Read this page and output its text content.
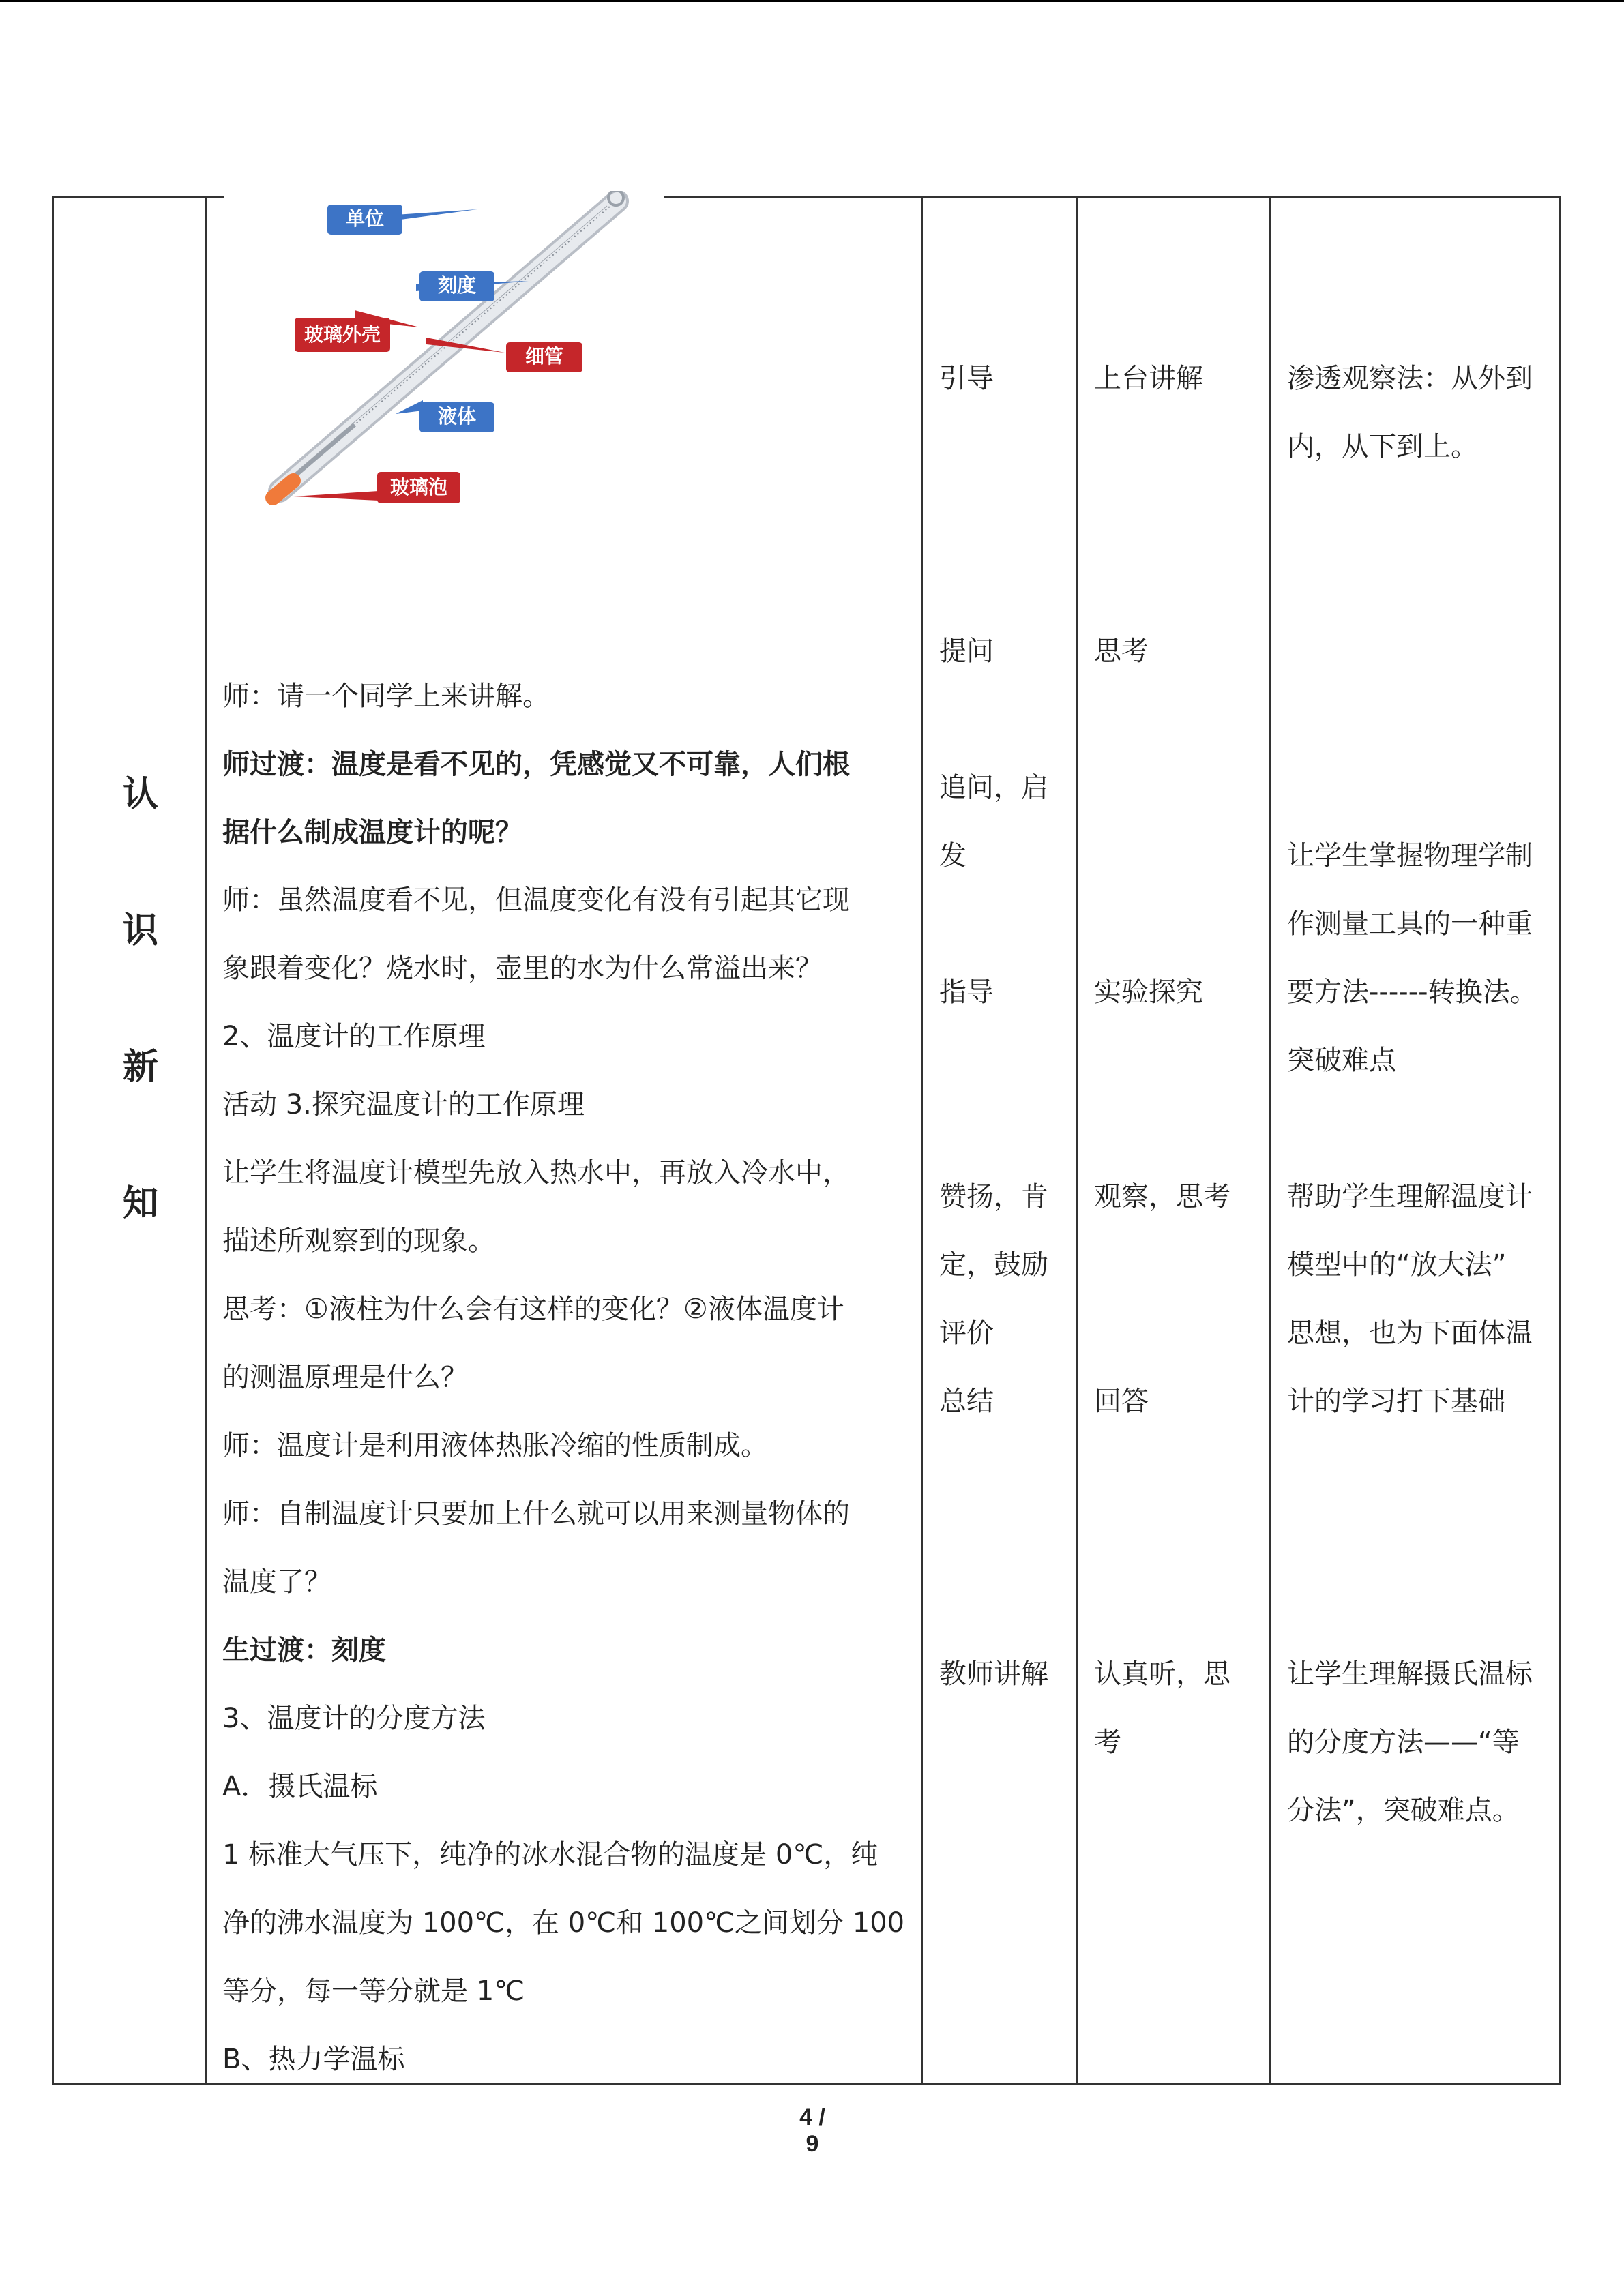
认
识
新
知
单位
刻度
玻璃外壳
细管
液体
玻璃泡
师：请一个同学上来讲解。
师过渡：温度是看不见的，凭感觉又不可靠，人们根
据什么制成温度计的呢？
师：虽然温度看不见，但温度变化有没有引起其它现
象跟着变化？烧水时，壶里的水为什么常溢出来？
2、温度计的工作原理
活动 3.探究温度计的工作原理
让学生将温度计模型先放入热水中，再放入冷水中，
描述所观察到的现象。
思考：①液柱为什么会有这样的变化？②液体温度计
的测温原理是什么？
师：温度计是利用液体热胀冷缩的性质制成。
师：自制温度计只要加上什么就可以用来测量物体的
温度了？
生过渡：刻度
3、温度计的分度方法
A．摄氏温标
1 标准大气压下，纯净的冰水混合物的温度是 0℃，纯
净的沸水温度为 100℃，在 0℃和 100℃之间划分 100
等分，每一等分就是 1℃
B、热力学温标
引导
提问
追问，启
发
指导
赞扬，肯
定，鼓励
评价
总结
教师讲解
上台讲解
思考
实验探究
观察，思考
回答
认真听，思
考
渗透观察法：从外到
内，从下到上。
让学生掌握物理学制
作测量工具的一种重
要方法------转换法。
突破难点
帮助学生理解温度计
模型中的“放大法”
思想，也为下面体温
计的学习打下基础
让学生理解摄氏温标
的分度方法——“等
分法”，突破难点。
4 / 9
